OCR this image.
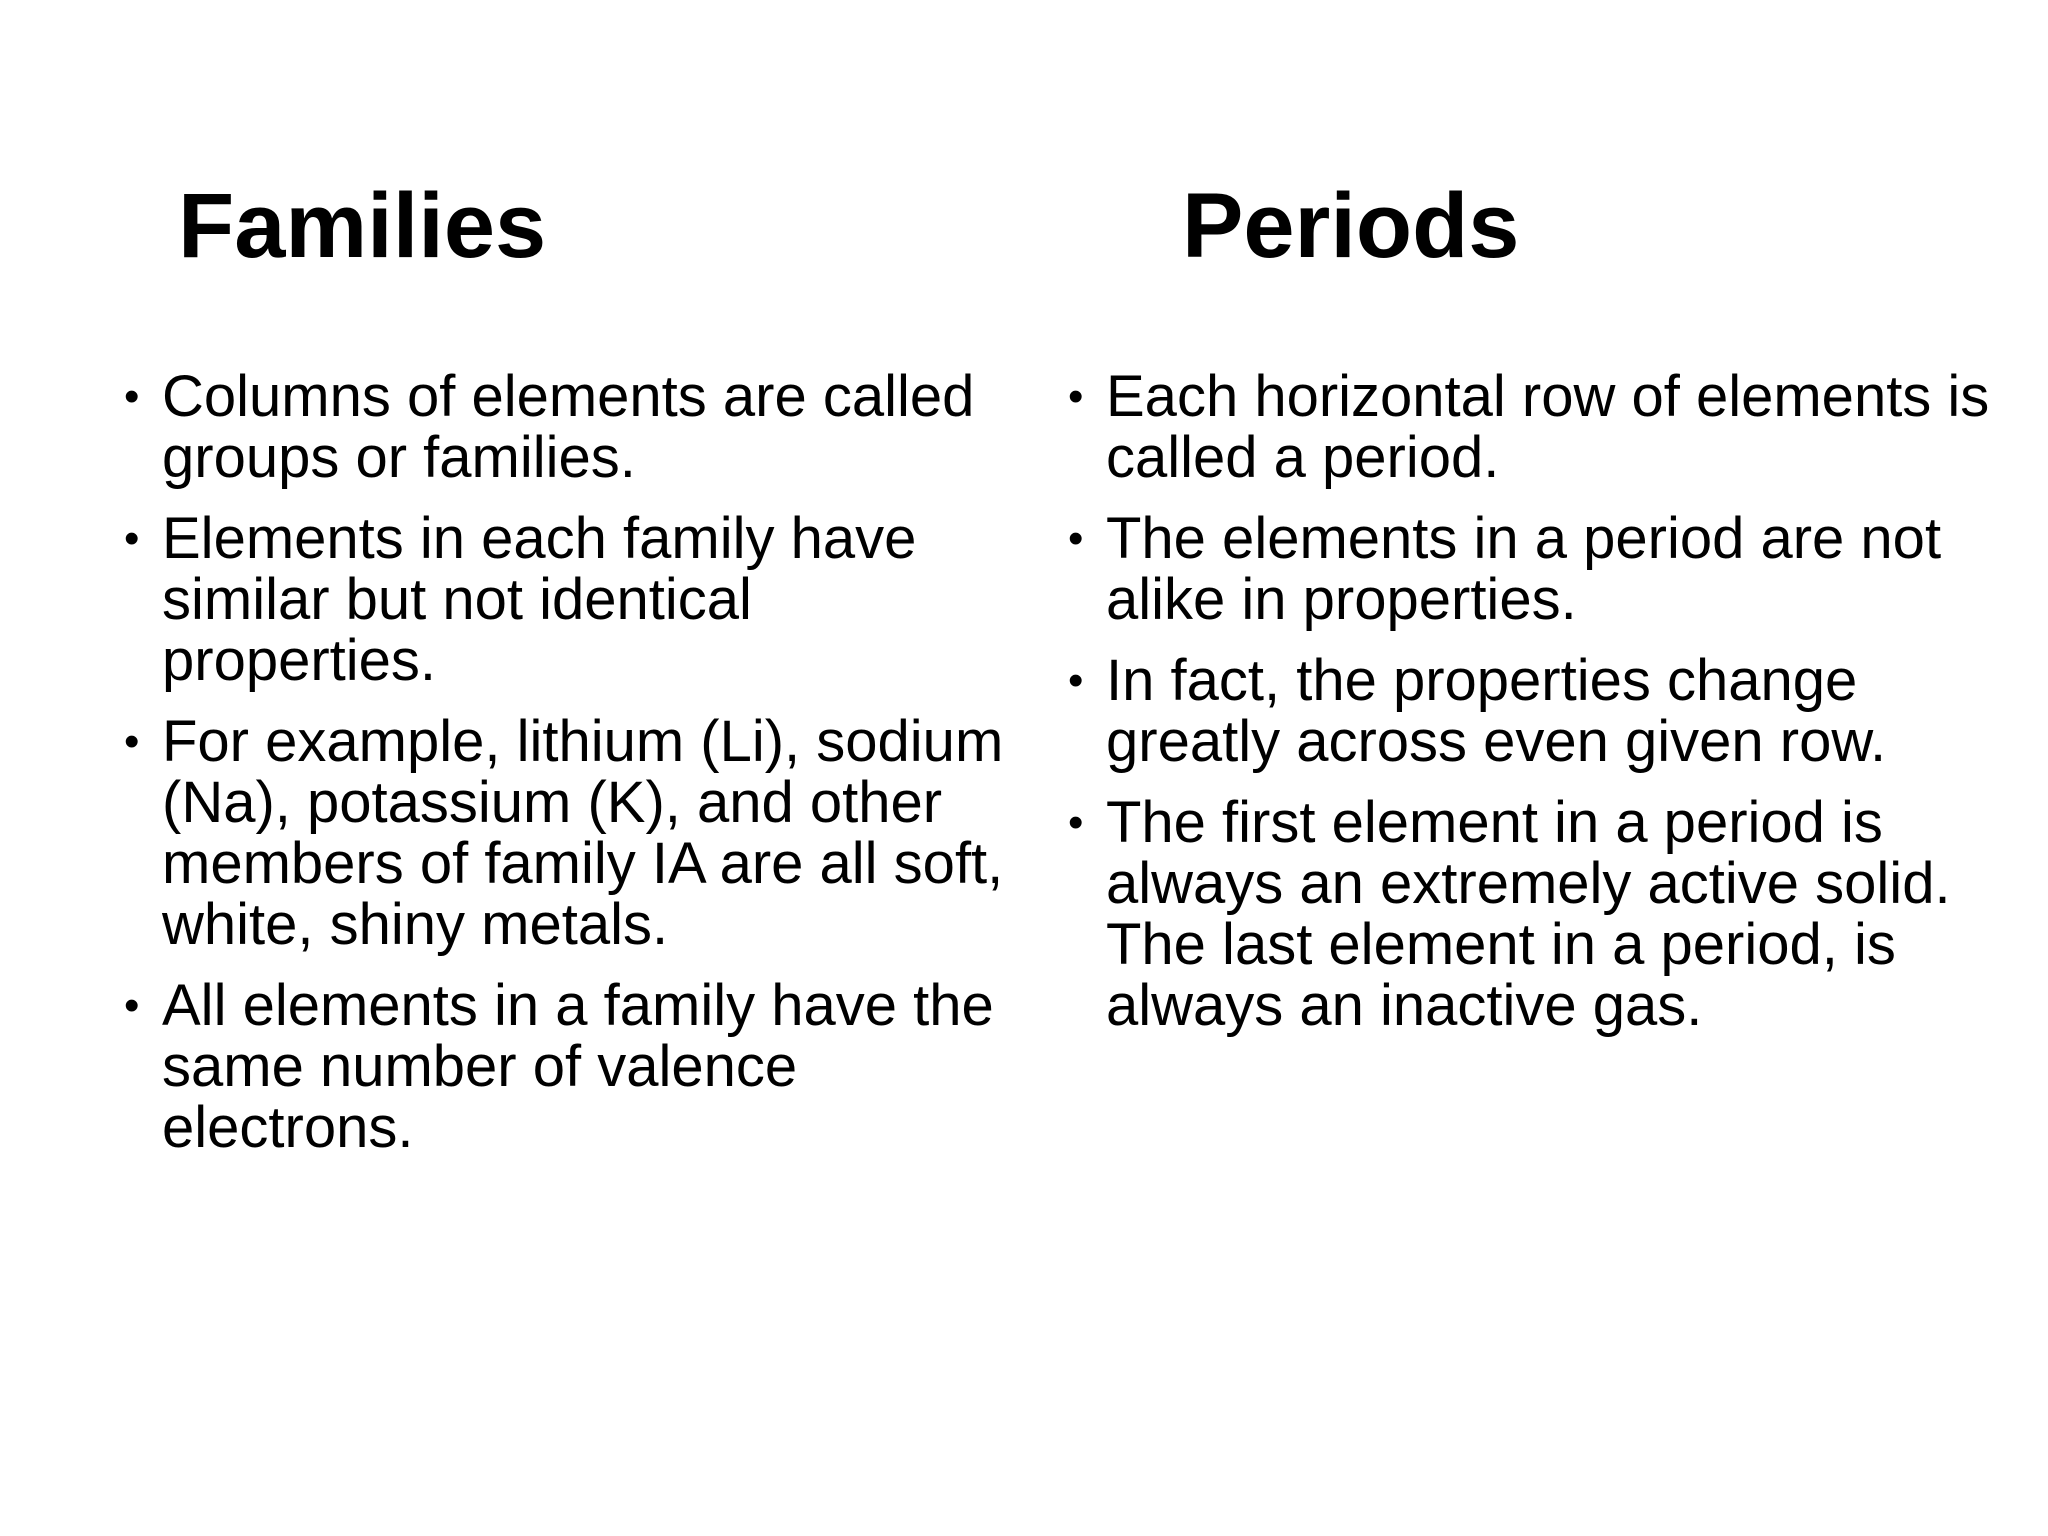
Families	Periods
• Columns of elements are called groups or families.
• Elements in each family have similar but not identical properties.
• For example, lithium (Li), sodium (Na), potassium (K), and other members of family IA are all soft, white, shiny metals.
• All elements in a family have the same number of valence electrons.
• Each horizontal row of elements is called a period.
• The elements in a period are not alike in properties.
• In fact, the properties change greatly across even given row.
• The first element in a period is always an extremely active solid. The last element in a period, is always an inactive gas.
